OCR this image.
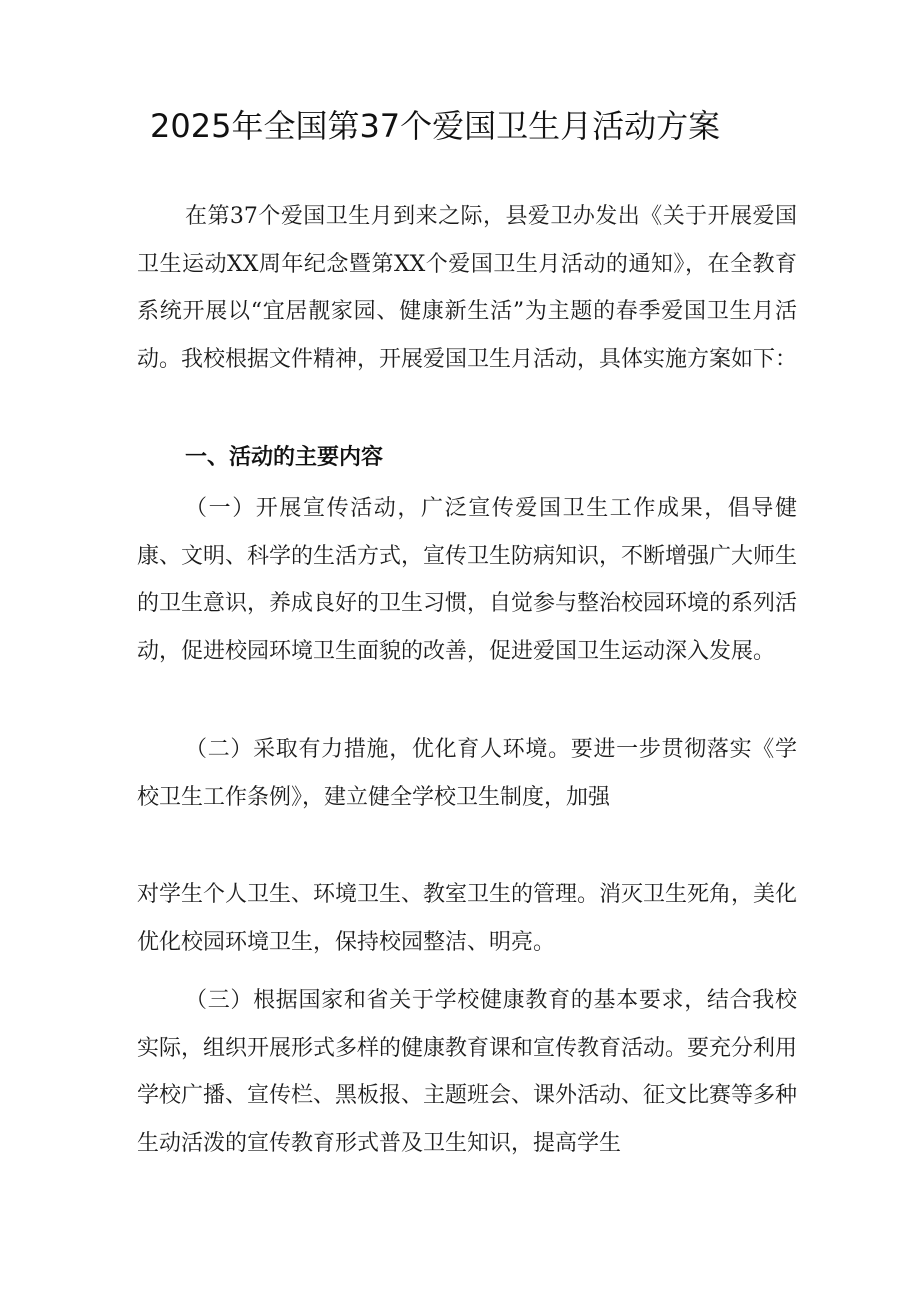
2025年全国第37个爱国卫生月活动方案
在第37个爱国卫生月到来之际，县爱卫办发出《关于开展爱国卫生运动XX周年纪念暨第XX个爱国卫生月活动的通知》，在全教育系统开展以“宜居靓家园、健康新生活”为主题的春季爱国卫生月活动。我校根据文件精神，开展爱国卫生月活动，具体实施方案如下：
一、活动的主要内容
（一）开展宣传活动，广泛宣传爱国卫生工作成果，倡导健康、文明、科学的生活方式，宣传卫生防病知识，不断增强广大师生的卫生意识，养成良好的卫生习惯，自觉参与整治校园环境的系列活动，促进校园环境卫生面貌的改善，促进爱国卫生运动深入发展。
（二）采取有力措施，优化育人环境。要进一步贯彻落实《学校卫生工作条例》，建立健全学校卫生制度，加强
对学生个人卫生、环境卫生、教室卫生的管理。消灭卫生死角，美化优化校园环境卫生，保持校园整洁、明亮。
（三）根据国家和省关于学校健康教育的基本要求，结合我校实际，组织开展形式多样的健康教育课和宣传教育活动。要充分利用学校广播、宣传栏、黑板报、主题班会、课外活动、征文比赛等多种生动活泼的宣传教育形式普及卫生知识，提高学生
